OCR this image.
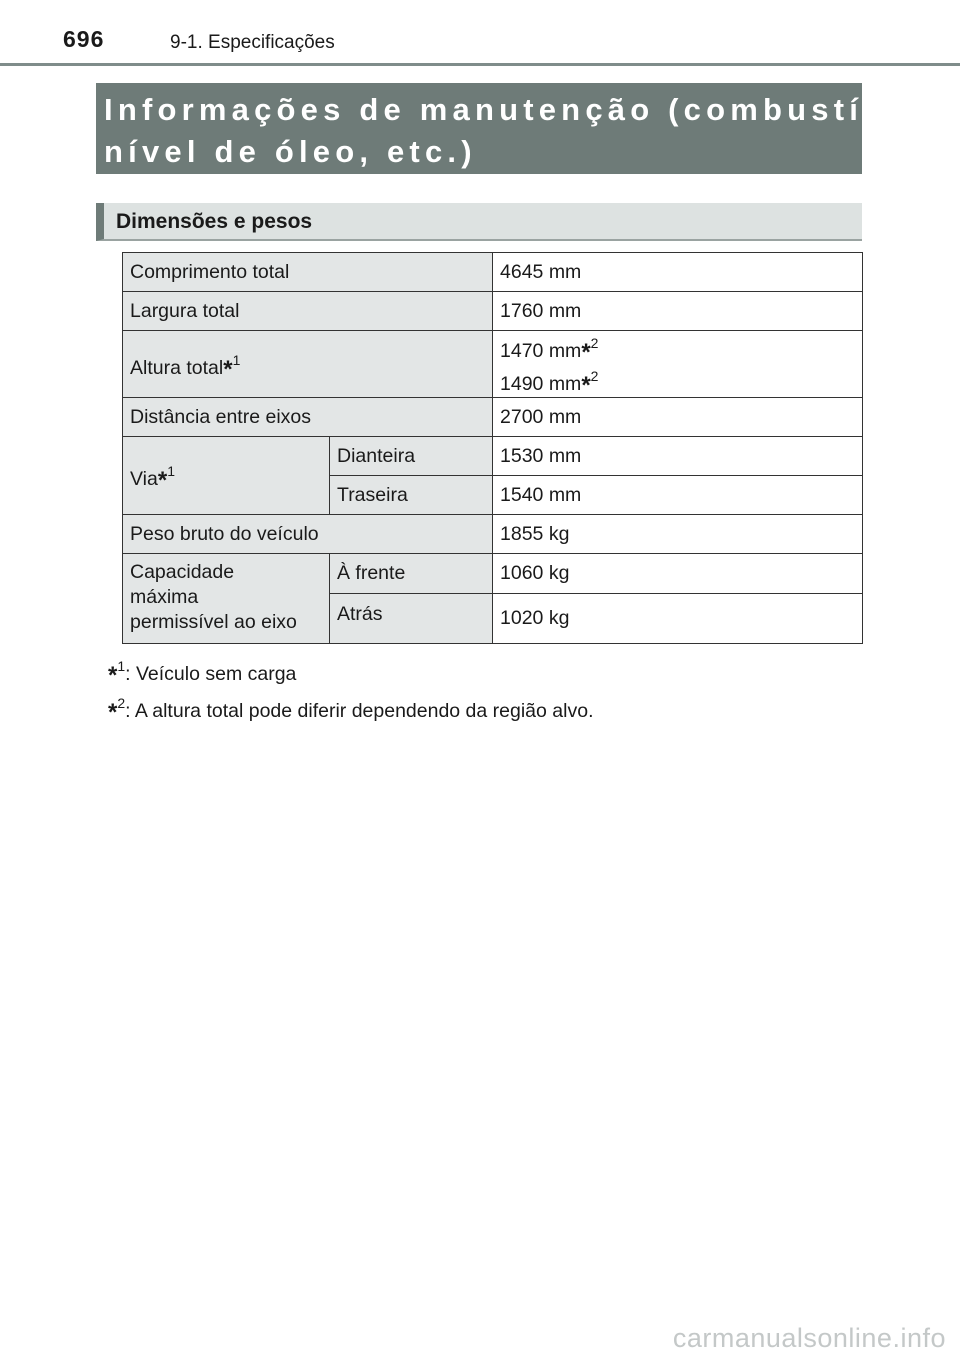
696	9-1. Especificações
Informações de manutenção (combustível,
nível de óleo, etc.)
Dimensões e pesos
Comprimento total		4645 mm
Largura total		1760 mm
Altura total*$^1$		1470 mm*$^2$
1490 mm*$^2$

Distância entre eixos		2700 mm
Via*$^1$	Dianteira	1530 mm
	Traseira	1540 mm
Peso bruto do veículo		1855 kg

Capacidade
máxima
permissível ao eixo	À frente	1060 kg
	Atrás	1020 kg
*$^1$: Veículo sem carga
*$^2$: A altura total pode diferir dependendo da região alvo.
carmanualsonline.info
